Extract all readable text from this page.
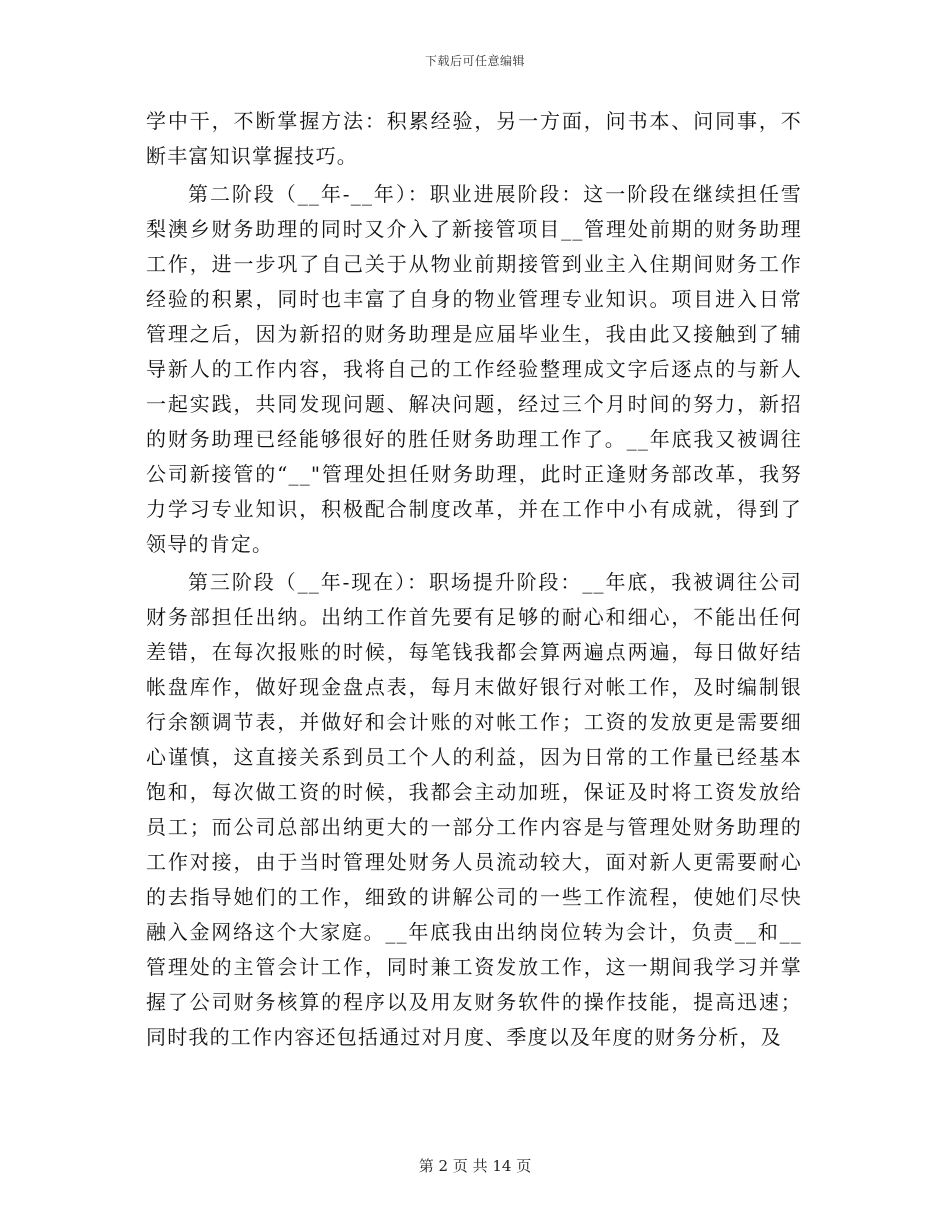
下载后可任意编辑

学中干，不断掌握方法：积累经验，另一方面，问书本、问同事，不断丰富知识掌握技巧。

第二阶段（__年-__年）：职业进展阶段：这一阶段在继续担任雪梨澳乡财务助理的同时又介入了新接管项目__管理处前期的财务助理工作，进一步巩了自己关于从物业前期接管到业主入住期间财务工作经验的积累，同时也丰富了自身的物业管理专业知识。项目进入日常管理之后，因为新招的财务助理是应届毕业生，我由此又接触到了辅导新人的工作内容，我将自己的工作经验整理成文字后逐点的与新人一起实践，共同发现问题、解决问题，经过三个月时间的努力，新招的财务助理已经能够很好的胜任财务助理工作了。__年底我又被调往公司新接管的“__"管理处担任财务助理，此时正逢财务部改革，我努力学习专业知识，积极配合制度改革，并在工作中小有成就，得到了领导的肯定。

第三阶段（__年-现在）：职场提升阶段：__年底，我被调往公司财务部担任出纳。出纳工作首先要有足够的耐心和细心，不能出任何差错，在每次报账的时候，每笔钱我都会算两遍点两遍，每日做好结帐盘库作，做好现金盘点表，每月末做好银行对帐工作，及时编制银行余额调节表，并做好和会计账的对帐工作；工资的发放更是需要细心谨慎，这直接关系到员工个人的利益，因为日常的工作量已经基本饱和，每次做工资的时候，我都会主动加班，保证及时将工资发放给员工；而公司总部出纳更大的一部分工作内容是与管理处财务助理的工作对接，由于当时管理处财务人员流动较大，面对新人更需要耐心的去指导她们的工作，细致的讲解公司的一些工作流程，使她们尽快融入金网络这个大家庭。__年底我由出纳岗位转为会计，负责__和__管理处的主管会计工作，同时兼工资发放工作，这一期间我学习并掌握了公司财务核算的程序以及用友财务软件的操作技能，提高迅速；同时我的工作内容还包括通过对月度、季度以及年度的财务分析，及

第 2 页 共 14 页
